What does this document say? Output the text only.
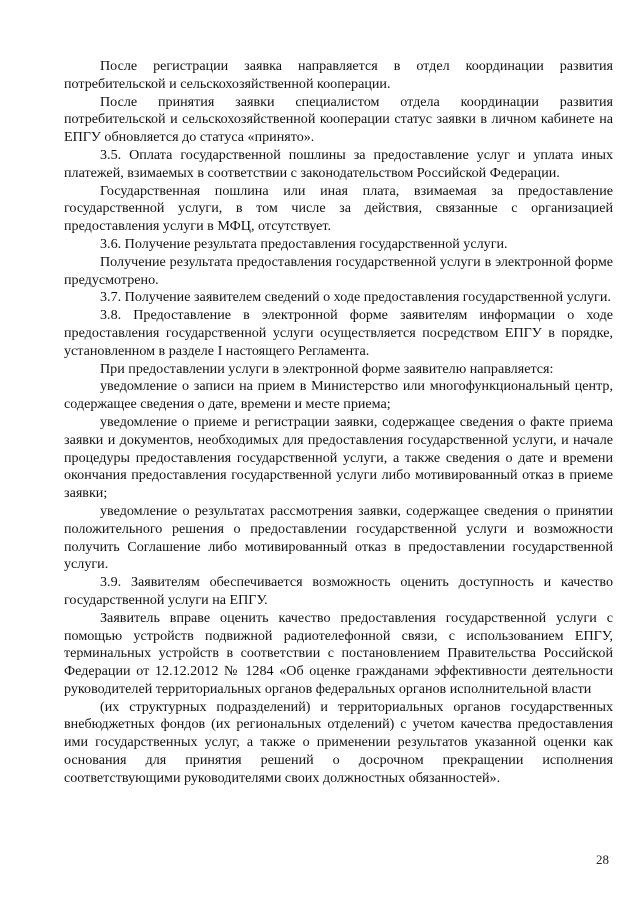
После регистрации заявка направляется в отдел координации развития потребительской и сельскохозяйственной кооперации.

После принятия заявки специалистом отдела координации развития потребительской и сельскохозяйственной кооперации статус заявки в личном кабинете на ЕПГУ обновляется до статуса «принято».

3.5. Оплата государственной пошлины за предоставление услуг и уплата иных платежей, взимаемых в соответствии с законодательством Российской Федерации.

Государственная пошлина или иная плата, взимаемая за предоставление государственной услуги, в том числе за действия, связанные с организацией предоставления услуги в МФЦ, отсутствует.

3.6. Получение результата предоставления государственной услуги.

Получение результата предоставления государственной услуги в электронной форме предусмотрено.

3.7. Получение заявителем сведений о ходе предоставления государственной услуги.

3.8. Предоставление в электронной форме заявителям информации о ходе предоставления государственной услуги осуществляется посредством ЕПГУ в порядке, установленном в разделе I настоящего Регламента.

При предоставлении услуги в электронной форме заявителю направляется:

уведомление о записи на прием в Министерство или многофункциональный центр, содержащее сведения о дате, времени и месте приема;

уведомление о приеме и регистрации заявки, содержащее сведения о факте приема заявки и документов, необходимых для предоставления государственной услуги, и начале процедуры предоставления государственной услуги, а также сведения о дате и времени окончания предоставления государственной услуги либо мотивированный отказ в приеме заявки;

уведомление о результатах рассмотрения заявки, содержащее сведения о принятии положительного решения о предоставлении государственной услуги и возможности получить Соглашение либо мотивированный отказ в предоставлении государственной услуги.

3.9. Заявителям обеспечивается возможность оценить доступность и качество государственной услуги на ЕПГУ.

Заявитель вправе оценить качество предоставления государственной услуги с помощью устройств подвижной радиотелефонной связи, с использованием ЕПГУ, терминальных устройств в соответствии с постановлением Правительства Российской Федерации от 12.12.2012 № 1284 «Об оценке гражданами эффективности деятельности руководителей территориальных органов федеральных органов исполнительной власти

(их структурных подразделений) и территориальных органов государственных внебюджетных фондов (их региональных отделений) с учетом качества предоставления ими государственных услуг, а также о применении результатов указанной оценки как основания для принятия решений о досрочном прекращении исполнения соответствующими руководителями своих должностных обязанностей».

28
